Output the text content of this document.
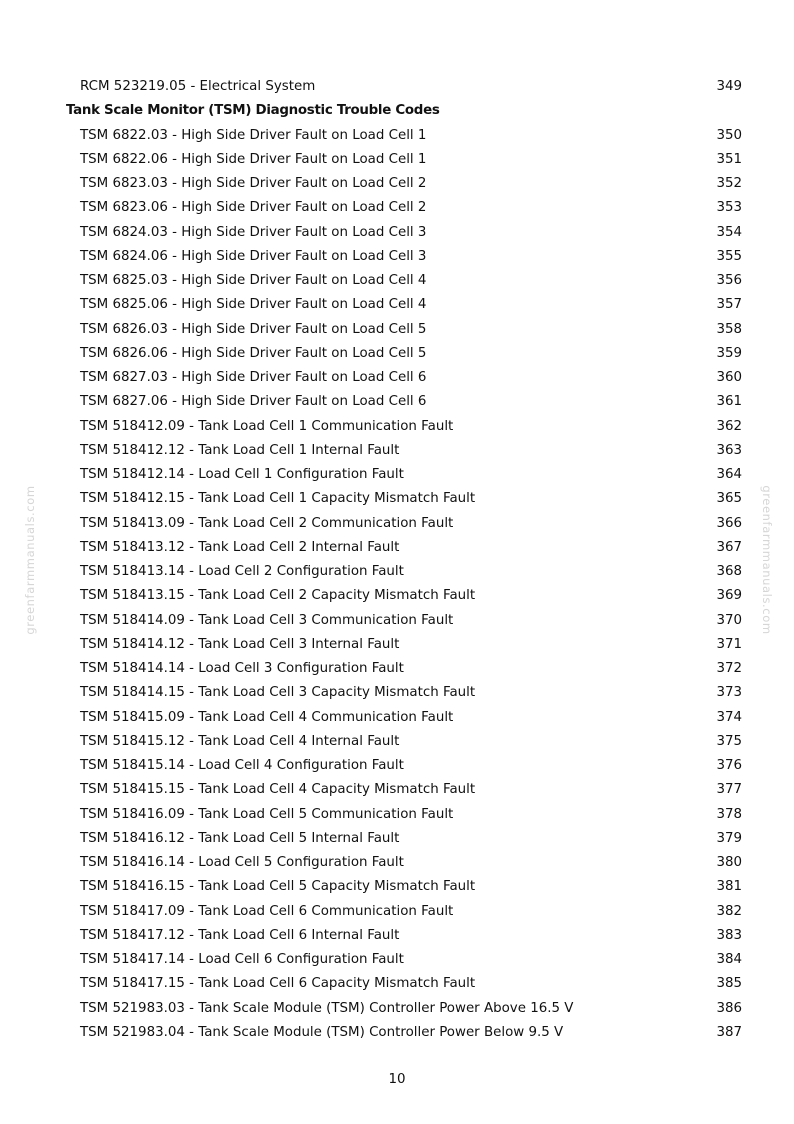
greenfarmmanuals.com	greenfarmmanuals.com
RCM 523219.05 - Electrical System	349
Tank Scale Monitor (TSM) Diagnostic Trouble Codes
TSM 6822.03 - High Side Driver Fault on Load Cell 1	350
TSM 6822.06 - High Side Driver Fault on Load Cell 1	351
TSM 6823.03 - High Side Driver Fault on Load Cell 2	352
TSM 6823.06 - High Side Driver Fault on Load Cell 2	353
TSM 6824.03 - High Side Driver Fault on Load Cell 3	354
TSM 6824.06 - High Side Driver Fault on Load Cell 3	355
TSM 6825.03 - High Side Driver Fault on Load Cell 4	356
TSM 6825.06 - High Side Driver Fault on Load Cell 4	357
TSM 6826.03 - High Side Driver Fault on Load Cell 5	358
TSM 6826.06 - High Side Driver Fault on Load Cell 5	359
TSM 6827.03 - High Side Driver Fault on Load Cell 6	360
TSM 6827.06 - High Side Driver Fault on Load Cell 6	361
TSM 518412.09 - Tank Load Cell 1 Communication Fault	362
TSM 518412.12 - Tank Load Cell 1 Internal Fault	363
TSM 518412.14 - Load Cell 1 Configuration Fault	364
TSM 518412.15 - Tank Load Cell 1 Capacity Mismatch Fault	365
TSM 518413.09 - Tank Load Cell 2 Communication Fault	366
TSM 518413.12 - Tank Load Cell 2 Internal Fault	367
TSM 518413.14 - Load Cell 2 Configuration Fault	368
TSM 518413.15 - Tank Load Cell 2 Capacity Mismatch Fault	369
TSM 518414.09 - Tank Load Cell 3 Communication Fault	370
TSM 518414.12 - Tank Load Cell 3 Internal Fault	371
TSM 518414.14 - Load Cell 3 Configuration Fault	372
TSM 518414.15 - Tank Load Cell 3 Capacity Mismatch Fault	373
TSM 518415.09 - Tank Load Cell 4 Communication Fault	374
TSM 518415.12 - Tank Load Cell 4 Internal Fault	375
TSM 518415.14 - Load Cell 4 Configuration Fault	376
TSM 518415.15 - Tank Load Cell 4 Capacity Mismatch Fault	377
TSM 518416.09 - Tank Load Cell 5 Communication Fault	378
TSM 518416.12 - Tank Load Cell 5 Internal Fault	379
TSM 518416.14 - Load Cell 5 Configuration Fault	380
TSM 518416.15 - Tank Load Cell 5 Capacity Mismatch Fault	381
TSM 518417.09 - Tank Load Cell 6 Communication Fault	382
TSM 518417.12 - Tank Load Cell 6 Internal Fault	383
TSM 518417.14 - Load Cell 6 Configuration Fault	384
TSM 518417.15 - Tank Load Cell 6 Capacity Mismatch Fault	385
TSM 521983.03 - Tank Scale Module (TSM) Controller Power Above 16.5 V	386
TSM 521983.04 - Tank Scale Module (TSM) Controller Power Below 9.5 V	387
10
